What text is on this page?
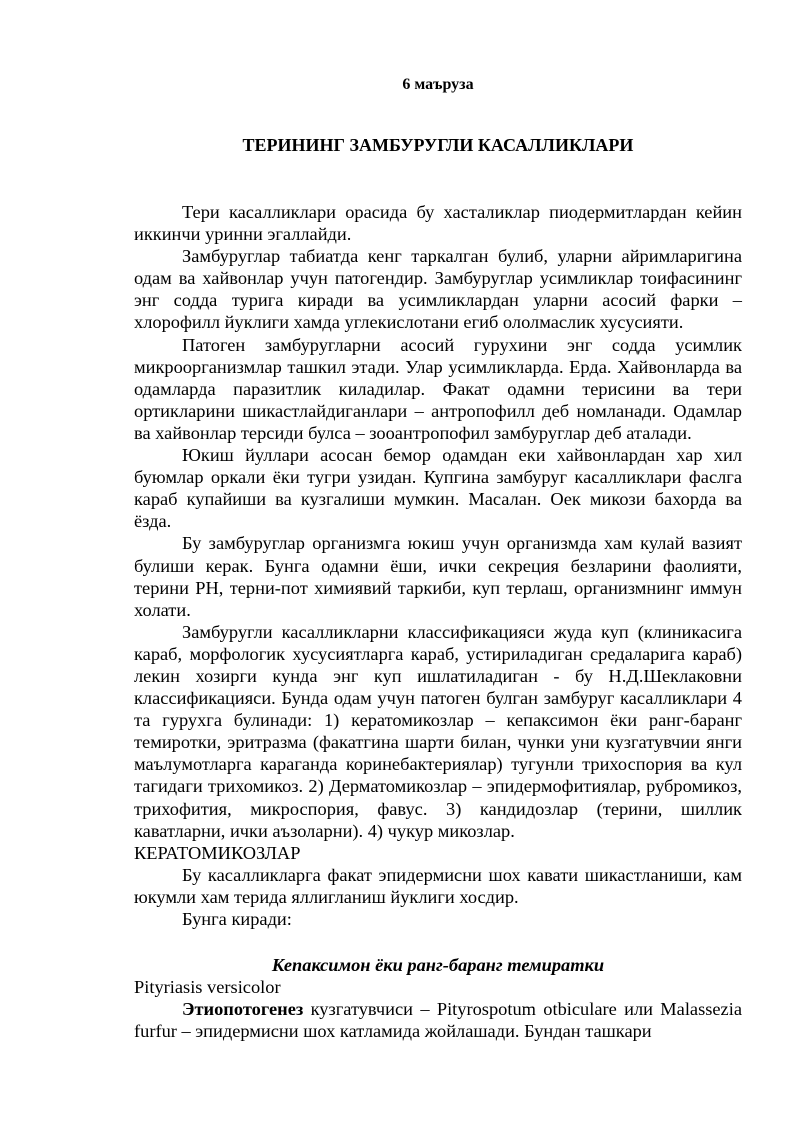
6 маъруза
ТЕРИНИНГ ЗАМБУРУГЛИ КАСАЛЛИКЛАРИ

Тери касалликлари орасида бу хасталиклар пиодермитлардан кейин иккинчи уринни эгаллайди.

Замбуруглар табиатда кенг таркалган булиб, уларни айримларигина одам ва хайвонлар учун патогендир. Замбуруглар усимликлар тоифасининг энг содда турига киради ва усимликлардан уларни асосий фарки – хлорофилл йуклиги хамда углекислотани егиб ололмаслик хусусияти.

Патоген замбуругларни асосий гурухини энг содда усимлик микроорганизмлар ташкил этади. Улар усимликларда. Ерда. Хайвонларда ва одамларда паразитлик киладилар. Факат одамни терисини ва тери ортикларини шикастлайдиганлари – антропофилл деб номланади. Одамлар ва хайвонлар терсиди булса – зооантропофил замбуруглар деб аталади.

Юкиш йуллари асосан бемор одамдан еки хайвонлардан хар хил буюмлар оркали ёки тугри узидан. Купгина замбуруг касалликлари фаслга караб купайиши ва кузгалиши мумкин. Масалан. Оек микози бахорда ва ёзда.

Бу замбуруглар организмга юкиш учун организмда хам кулай вазият булиши керак. Бунга одамни ёши, ички секреция безларини фаолияти, терини PH, терни-пот химиявий таркиби, куп терлаш, организмнинг иммун холати.

Замбуругли касалликларни классификацияси жуда куп (клиникасига караб, морфологик хусусиятларга караб, устириладиган средаларига караб) лекин хозирги кунда энг куп ишлатиладиган - бу Н.Д.Шеклаковни классификацияси. Бунда одам учун патоген булган замбуруг касалликлари 4 та гурухга булинади: 1) кератомикозлар – кепаксимон ёки ранг-баранг темиротки, эритразма (факатгина шарти билан, чунки уни кузгатувчии янги маълумотларга караганда коринебактериялар) тугунли трихоспория ва кул тагидаги трихомикоз. 2) Дерматомикозлар – эпидермофитиялар, рубромикоз, трихофития, микроспория, фавус. 3) кандидозлар (терини, шиллик каватларни, ички аъзоларни). 4) чукур микозлар.

КЕРАТОМИКОЗЛАР

Бу касалликларга факат эпидермисни шох кавати шикастланиши, кам юкумли хам терида яллигланиш йуклиги хосдир.

Бунга киради:

Кепаксимон ёки ранг-баранг темиратки

Pityriasis versicolor

Этиопотогенез кузгатувчиси – Pityrospotum otbiculare или Malassezia furfur – эпидермисни шох катламида жойлашади. Бундан ташкари
